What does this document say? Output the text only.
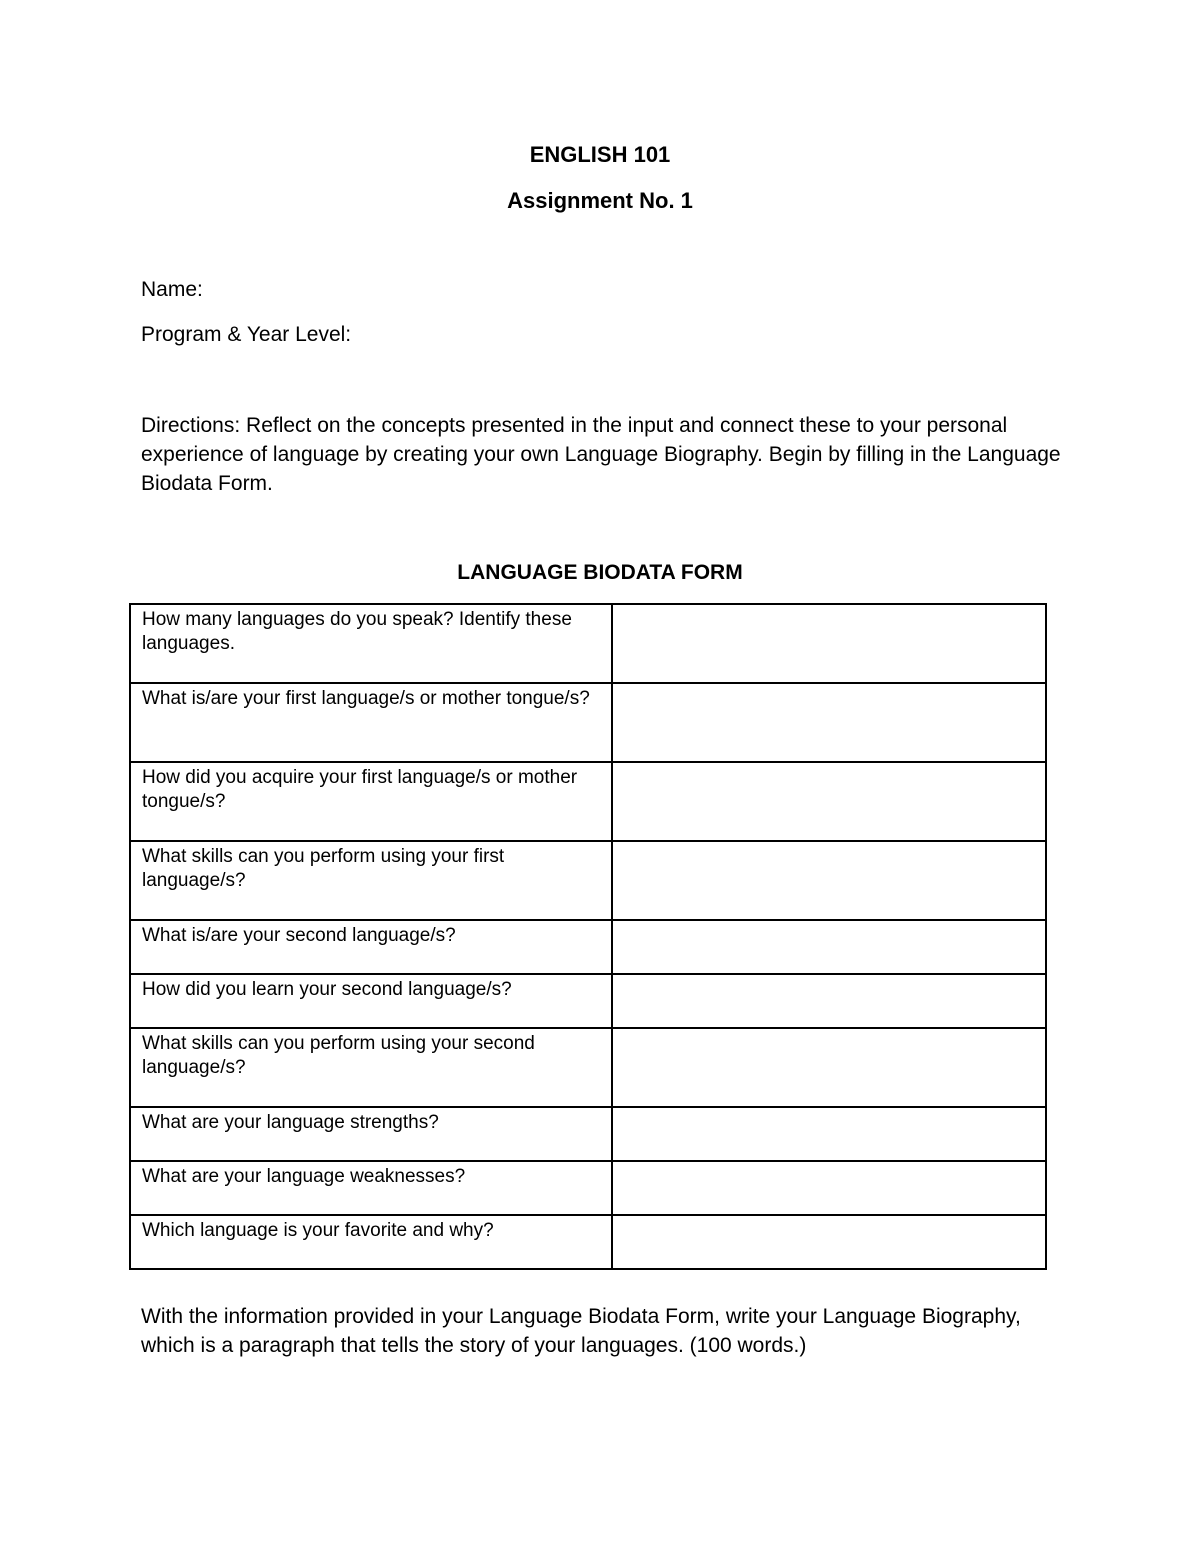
ENGLISH 101
Assignment No. 1
Name:
Program & Year Level:
Directions: Reflect on the concepts presented in the input and connect these to your personal experience of language by creating your own Language Biography. Begin by filling in the Language Biodata Form.
LANGUAGE BIODATA FORM
How many languages do you speak? Identify these languages.	
What is/are your first language/s or mother tongue/s?	
How did you acquire your first language/s or mother tongue/s?	
What skills can you perform using your first language/s?	
What is/are your second language/s?	
How did you learn your second language/s?	
What skills can you perform using your second language/s?	
What are your language strengths?	
What are your language weaknesses?	
Which language is your favorite and why?	
With the information provided in your Language Biodata Form, write your Language Biography, which is a paragraph that tells the story of your languages. (100 words.)
